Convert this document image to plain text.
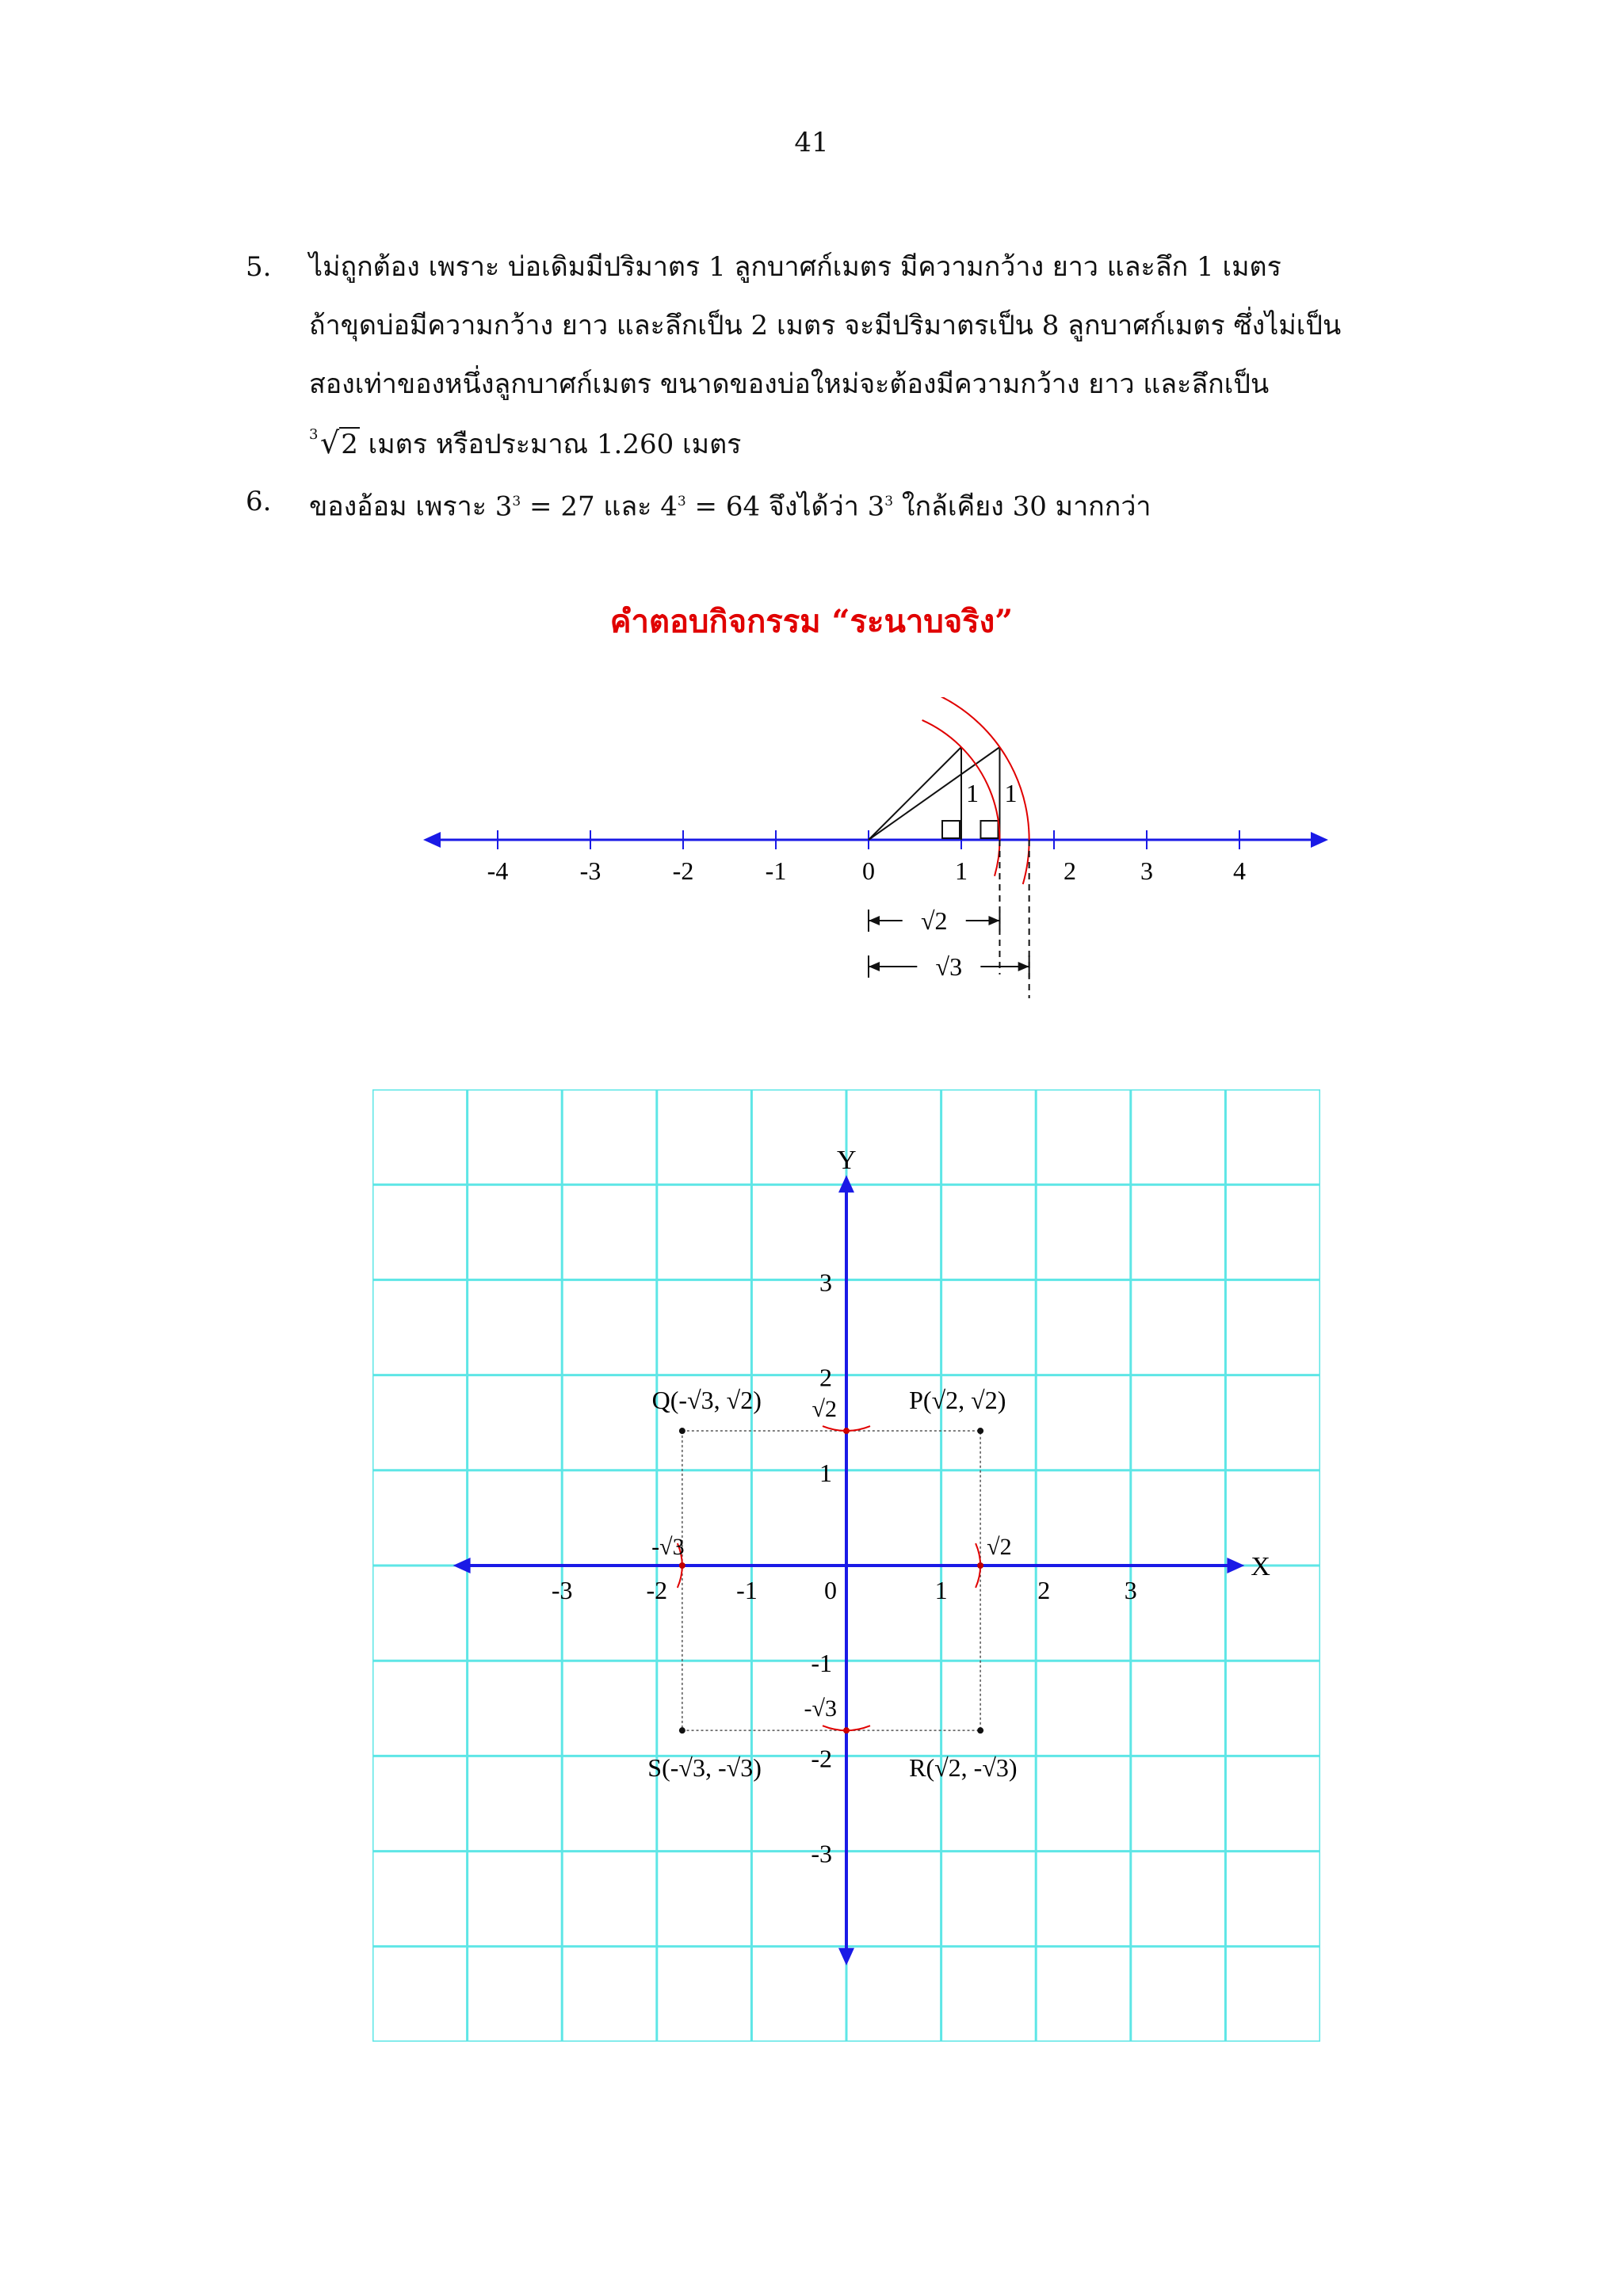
41
5. ไม่ถูกต้อง เพราะ บ่อเดิมมีปริมาตร 1 ลูกบาศก์เมตร มีความกว้าง ยาว และลึก 1 เมตร
ถ้าขุดบ่อมีความกว้าง ยาว และลึกเป็น 2 เมตร จะมีปริมาตรเป็น 8 ลูกบาศก์เมตร ซึ่งไม่เป็น
สองเท่าของหนึ่งลูกบาศก์เมตร ขนาดของบ่อใหม่จะต้องมีความกว้าง ยาว และลึกเป็น
3 √2 เมตร หรือประมาณ 1.260 เมตร
6. ของอ้อม เพราะ $3^3 = 27$ และ $4^3 = 64$ จึงได้ว่า $3^3$ ใกล้เคียง 30 มากกว่า
คำตอบกิจกรรม “ระนาบจริง”
-4	-3	-2	-1	0	1	2	3	4
1 1
√2
√3
X
Y
-3	-2	-1	0	1	2	3
3
2
1
-1
-2
-3
√2
-√3	√2
-√3
P(√2, √2)
Q(-√3, √2)
R(√2, -√3)
S(-√3, -√3)
